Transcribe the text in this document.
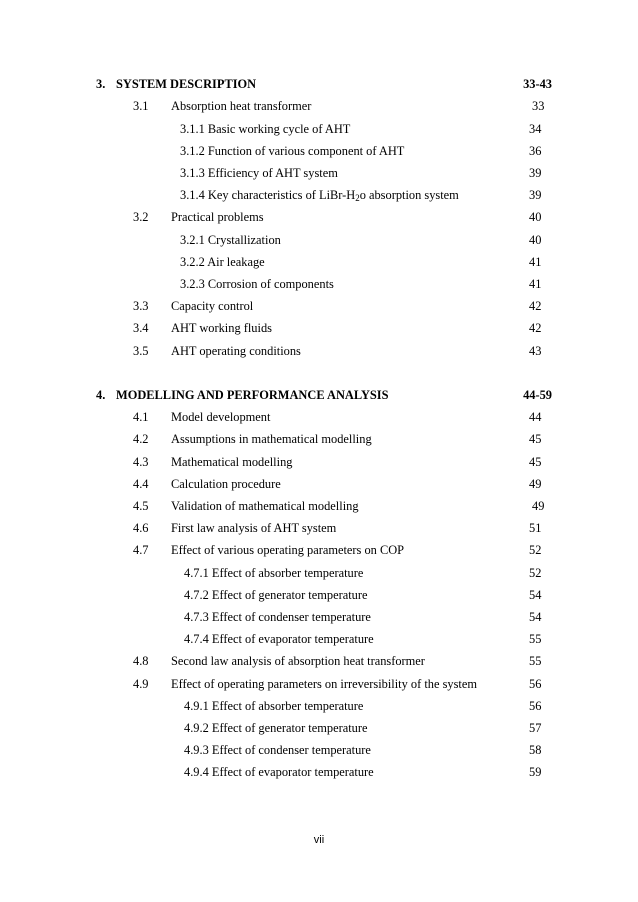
3. SYSTEM DESCRIPTION	33-43
3.1 Absorption heat transformer	33
3.1.1 Basic working cycle of AHT	34
3.1.2 Function of various component of AHT	36
3.1.3 Efficiency of AHT system	39
3.1.4 Key characteristics of LiBr-$H_2o$ absorption system	39
3.2 Practical problems	40
3.2.1 Crystallization	40
3.2.2 Air leakage	41
3.2.3 Corrosion of components	41
3.3 Capacity control	42
3.4 AHT working fluids	42
3.5 AHT operating conditions	43
4. MODELLING AND PERFORMANCE ANALYSIS	44-59
4.1 Model development	44
4.2 Assumptions in mathematical modelling	45
4.3 Mathematical modelling	45
4.4 Calculation procedure	49
4.5 Validation of mathematical modelling	49
4.6 First law analysis of AHT system	51
4.7 Effect of various operating parameters on COP	52
4.7.1 Effect of absorber temperature	52
4.7.2 Effect of generator temperature	54
4.7.3 Effect of condenser temperature	54
4.7.4 Effect of evaporator temperature	55
4.8 Second law analysis of absorption heat transformer	55
4.9 Effect of operating parameters on irreversibility of the system	56
4.9.1 Effect of absorber temperature	56
4.9.2 Effect of generator temperature	57
4.9.3 Effect of condenser temperature	58
4.9.4 Effect of evaporator temperature	59
vii
